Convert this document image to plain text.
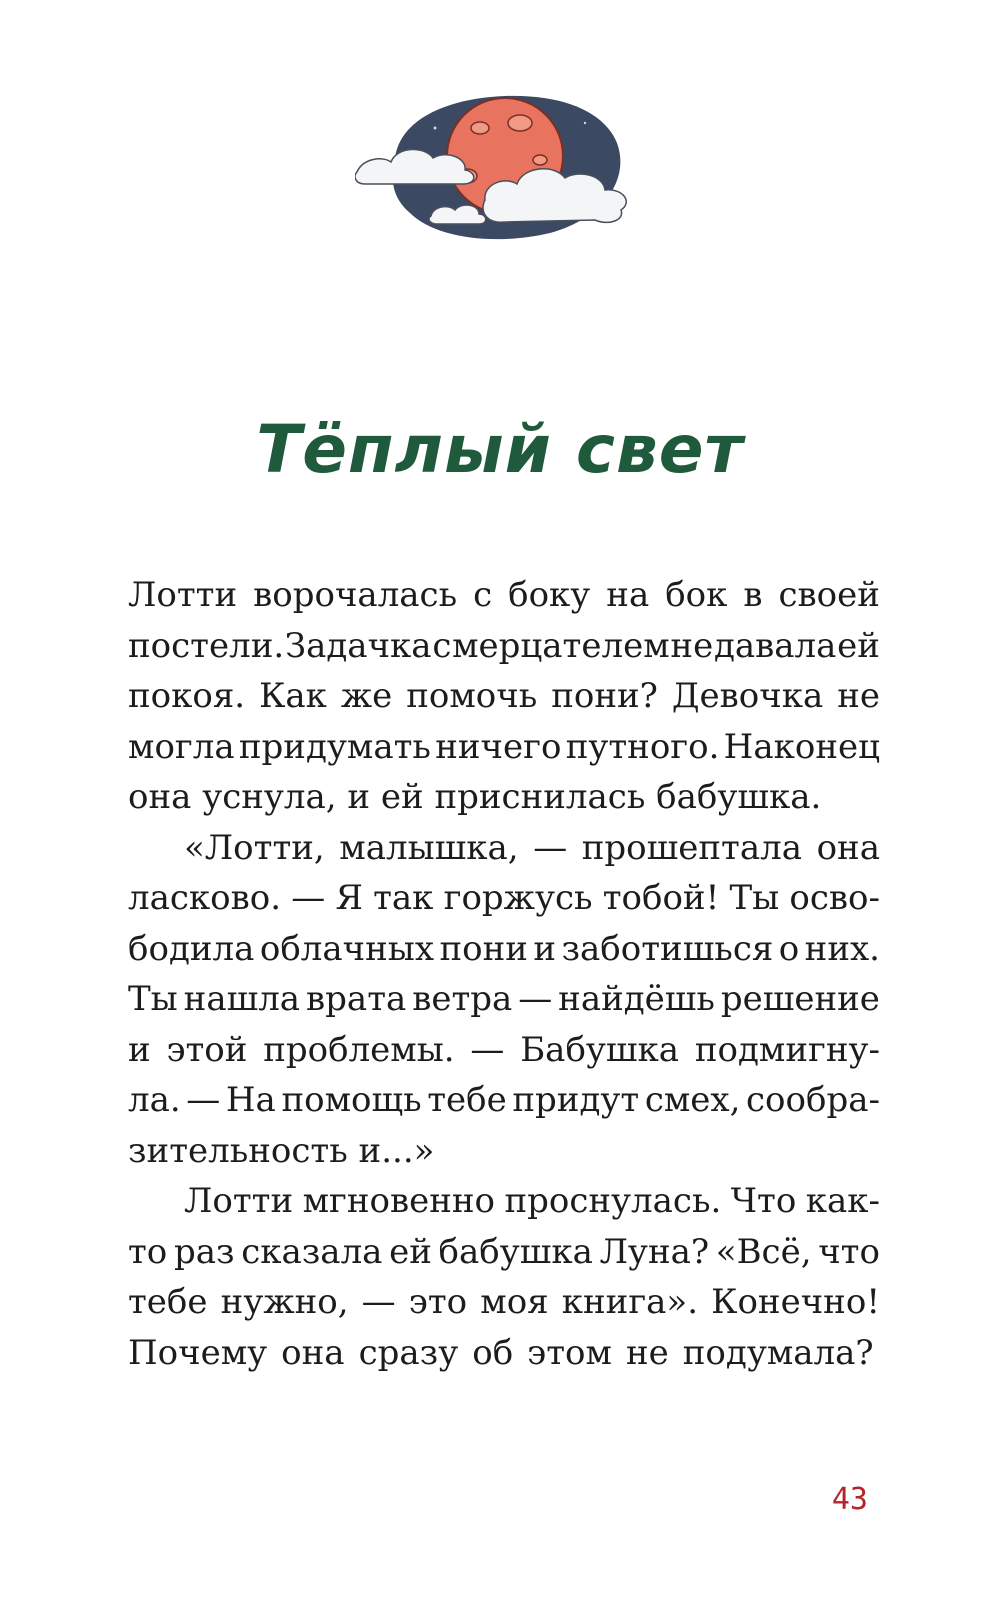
Тёплый свет
Лотти ворочалась с боку на бок в своей
постели. Задачка с мерцателем не давала ей
покоя. Как же помочь пони? Девочка не
могла придумать ничего путного. Наконец
она уснула, и ей приснилась бабушка.
«Лотти, малышка, — прошептала она
ласково. — Я так горжусь тобой! Ты осво-
бодила облачных пони и заботишься о них.
Ты нашла врата ветра — найдёшь решение
и этой проблемы. — Бабушка подмигну-
ла. — На помощь тебе придут смех, сообра-
зительность и...»
Лотти мгновенно проснулась. Что как-
то раз сказала ей бабушка Луна? «Всё, что
тебе нужно, — это моя книга». Конечно!
Почему она сразу об этом не подумала?
43
